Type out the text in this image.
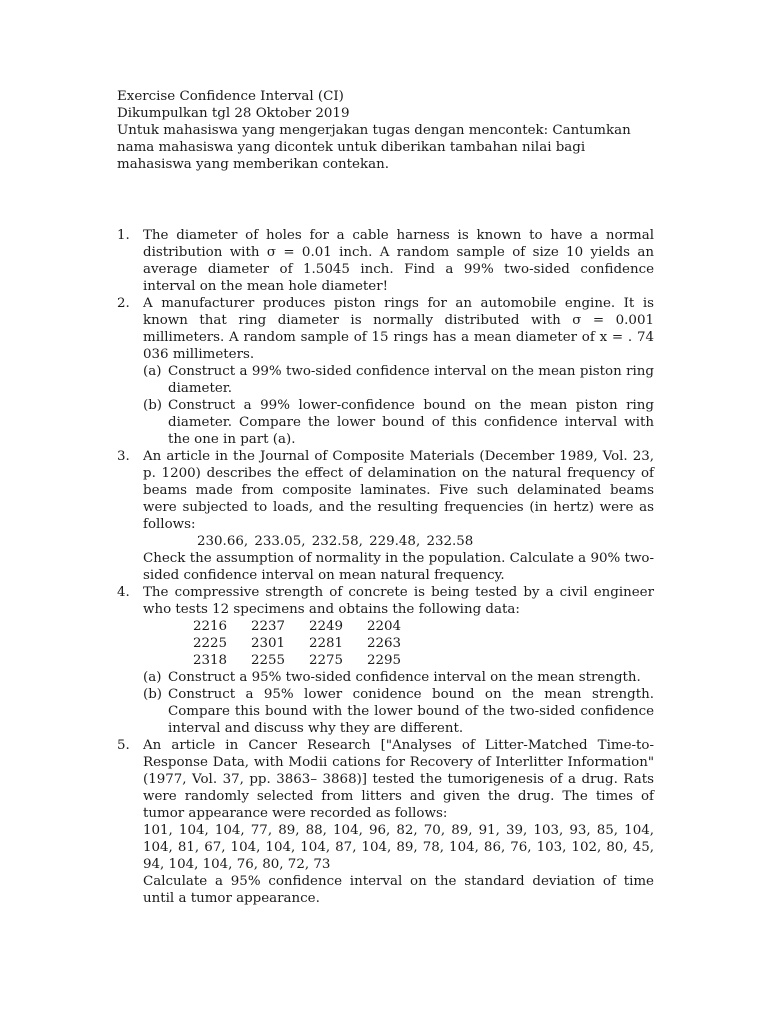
Exercise Confidence Interval (CI)
Dikumpulkan tgl 28 Oktober 2019
Untuk mahasiswa yang mengerjakan tugas dengan mencontek: Cantumkan
nama mahasiswa yang dicontek untuk diberikan tambahan nilai bagi
mahasiswa yang memberikan contekan.
1. The diameter of holes for a cable harness is known to have a normal distribution with σ = 0.01 inch. A random sample of size 10 yields an average diameter of 1.5045 inch. Find a 99% two-sided confidence interval on the mean hole diameter!
2. A manufacturer produces piston rings for an automobile engine. It is known that ring diameter is normally distributed with σ = 0.001 millimeters. A random sample of 15 rings has a mean diameter of x = . 74 036 millimeters.
(a) Construct a 99% two-sided confidence interval on the mean piston ring diameter.
(b) Construct a 99% lower-confidence bound on the mean piston ring diameter. Compare the lower bound of this confidence interval with the one in part (a).
3. An article in the Journal of Composite Materials (December 1989, Vol. 23, p. 1200) describes the effect of delamination on the natural frequency of beams made from composite laminates. Five such delaminated beams were subjected to loads, and the resulting frequencies (in hertz) were as follows:
230.66, 233.05, 232.58, 229.48, 232.58
Check the assumption of normality in the population. Calculate a 90% two-sided confidence interval on mean natural frequency.
4. The compressive strength of concrete is being tested by a civil engineer who tests 12 specimens and obtains the following data:
2216	2237	2249	2204
2225	2301	2281	2263
2318	2255	2275	2295
(a) Construct a 95% two-sided confidence interval on the mean strength.
(b) Construct a 95% lower conidence bound on the mean strength. Compare this bound with the lower bound of the two-sided confidence interval and discuss why they are different.
5. An article in Cancer Research ["Analyses of Litter-Matched Time-to-Response Data, with Modii cations for Recovery of Interlitter Information" (1977, Vol. 37, pp. 3863– 3868)] tested the tumorigenesis of a drug. Rats were randomly selected from litters and given the drug. The times of tumor appearance were recorded as follows:
101, 104, 104, 77, 89, 88, 104, 96, 82, 70, 89, 91, 39, 103, 93, 85, 104, 104, 81, 67, 104, 104, 104, 87, 104, 89, 78, 104, 86, 76, 103, 102, 80, 45, 94, 104, 104, 76, 80, 72, 73
Calculate a 95% confidence interval on the standard deviation of time until a tumor appearance.
